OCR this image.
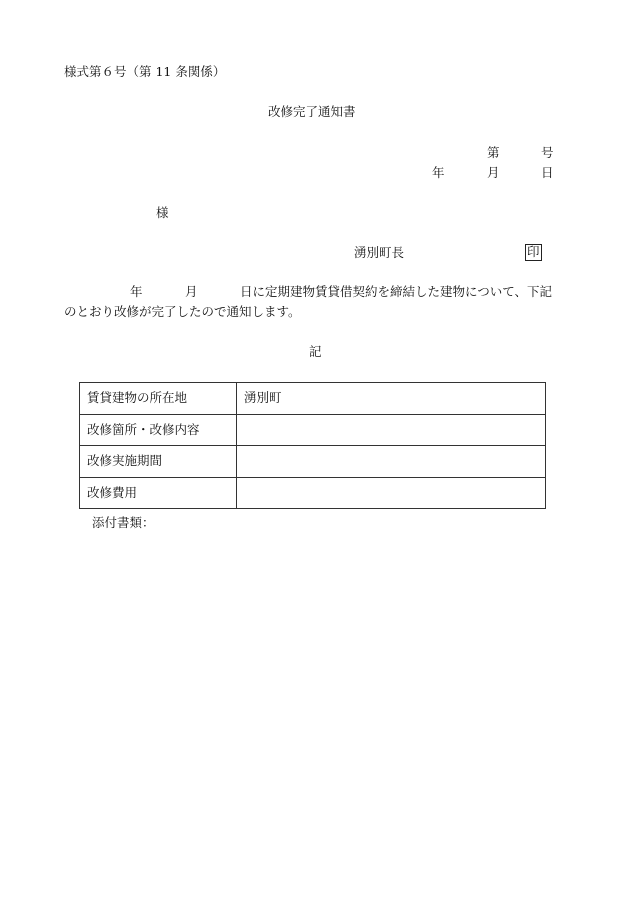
様式第６号（第 11 条関係）
改修完了通知書
第	号
年	月	日
様
湧別町長	印
年	月	日に定期建物賃貸借契約を締結した建物について、下記
のとおり改修が完了したので通知します。
記
賃貸建物の所在地	湧別町
改修箇所・改修内容	
改修実施期間	
改修費用	
添付書類：
